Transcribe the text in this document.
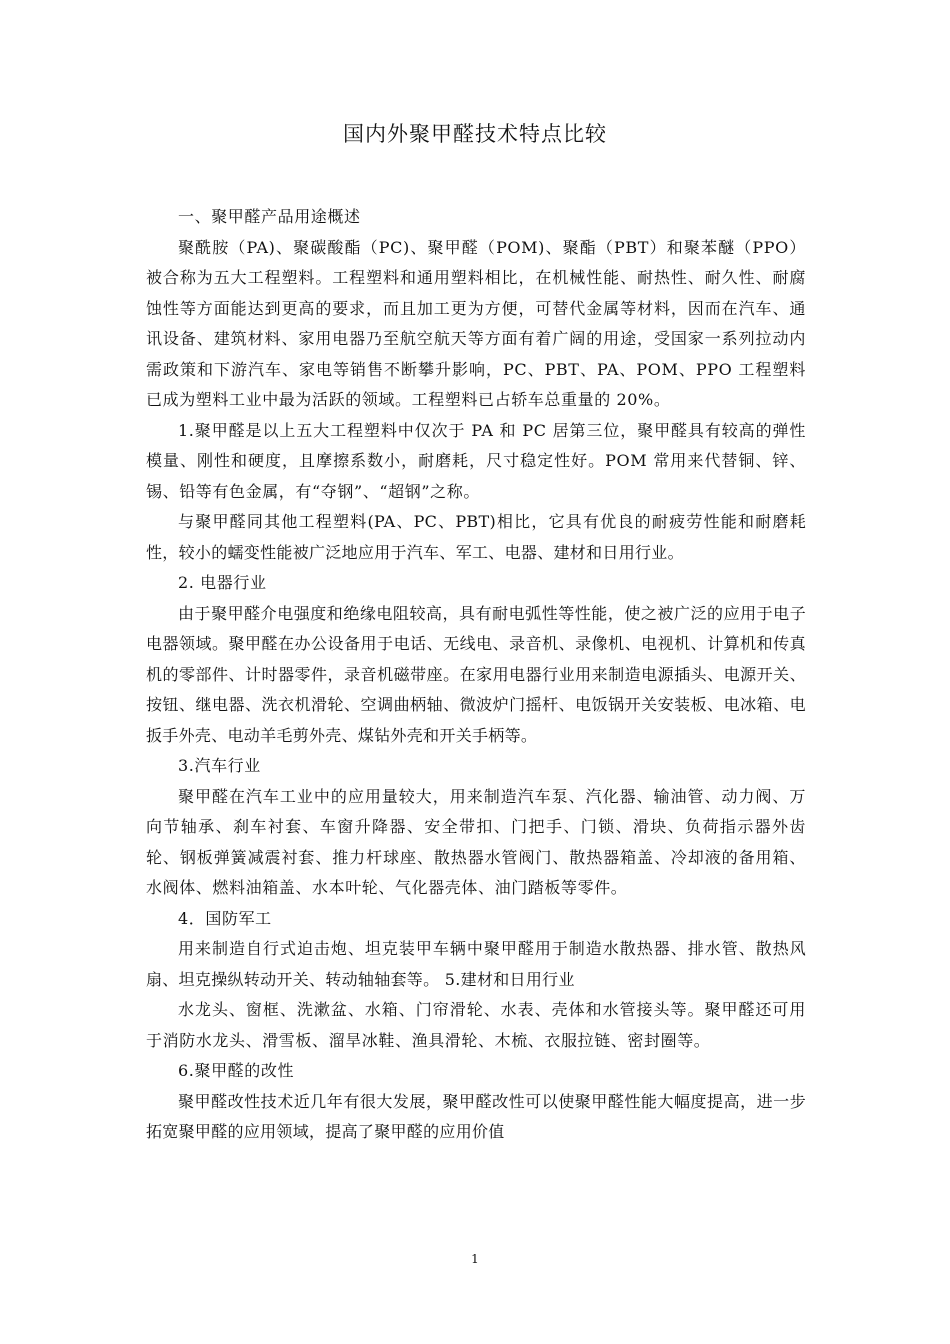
国内外聚甲醛技术特点比较

一、聚甲醛产品用途概述

聚酰胺（PA)、聚碳酸酯（PC)、聚甲醛（POM)、聚酯（PBT）和聚苯醚（PPO）被合称为五大工程塑料。工程塑料和通用塑料相比，在机械性能、耐热性、耐久性、耐腐蚀性等方面能达到更高的要求，而且加工更为方便，可替代金属等材料，因而在汽车、通讯设备、建筑材料、家用电器乃至航空航天等方面有着广阔的用途，受国家一系列拉动内需政策和下游汽车、家电等销售不断攀升影响，PC、PBT、PA、POM、PPO 工程塑料已成为塑料工业中最为活跃的领域。工程塑料已占轿车总重量的 20%。

1.聚甲醛是以上五大工程塑料中仅次于 PA 和 PC 居第三位，聚甲醛具有较高的弹性模量、刚性和硬度，且摩擦系数小，耐磨耗，尺寸稳定性好。POM 常用来代替铜、锌、锡、铅等有色金属，有“夺钢”、“超钢”之称。

与聚甲醛同其他工程塑料(PA、PC、PBT)相比，它具有优良的耐疲劳性能和耐磨耗性，较小的蠕变性能被广泛地应用于汽车、军工、电器、建材和日用行业。

2. 电器行业

由于聚甲醛介电强度和绝缘电阻较高，具有耐电弧性等性能，使之被广泛的应用于电子电器领域。聚甲醛在办公设备用于电话、无线电、录音机、录像机、电视机、计算机和传真机的零部件、计时器零件，录音机磁带座。在家用电器行业用来制造电源插头、电源开关、按钮、继电器、洗衣机滑轮、空调曲柄轴、微波炉门摇杆、电饭锅开关安装板、电冰箱、电扳手外壳、电动羊毛剪外壳、煤钻外壳和开关手柄等。

3.汽车行业

聚甲醛在汽车工业中的应用量较大，用来制造汽车泵、汽化器、输油管、动力阀、万向节轴承、刹车衬套、车窗升降器、安全带扣、门把手、门锁、滑块、负荷指示器外齿轮、钢板弹簧减震衬套、推力杆球座、散热器水管阀门、散热器箱盖、冷却液的备用箱、水阀体、燃料油箱盖、水本叶轮、气化器壳体、油门踏板等零件。

4．国防军工

用来制造自行式迫击炮、坦克装甲车辆中聚甲醛用于制造水散热器、排水管、散热风扇、坦克操纵转动开关、转动轴轴套等。 5.建材和日用行业

水龙头、窗框、洗漱盆、水箱、门帘滑轮、水表、壳体和水管接头等。聚甲醛还可用于消防水龙头、滑雪板、溜旱冰鞋、渔具滑轮、木梳、衣服拉链、密封圈等。

6.聚甲醛的改性

聚甲醛改性技术近几年有很大发展，聚甲醛改性可以使聚甲醛性能大幅度提高，进一步拓宽聚甲醛的应用领域，提高了聚甲醛的应用价值

1
